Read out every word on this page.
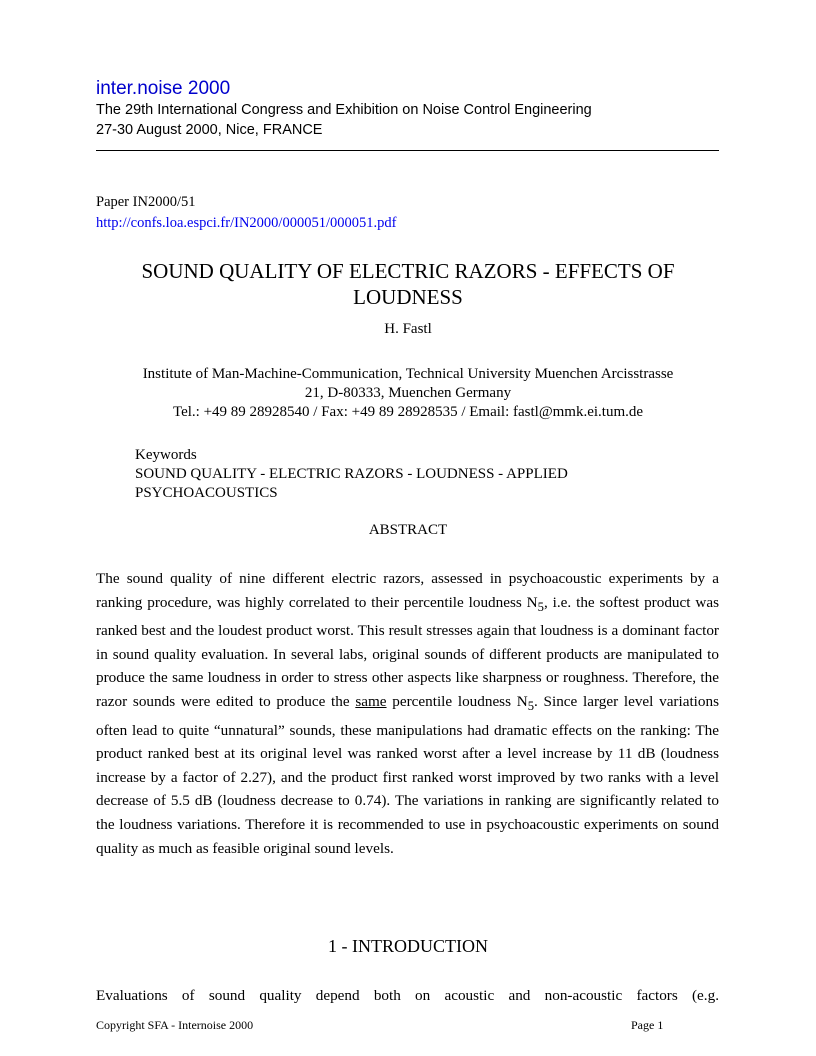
inter.noise 2000
The 29th International Congress and Exhibition on Noise Control Engineering
27-30 August 2000, Nice, FRANCE
Paper IN2000/51
http://confs.loa.espci.fr/IN2000/000051/000051.pdf
SOUND QUALITY OF ELECTRIC RAZORS - EFFECTS OF
LOUDNESS
H. Fastl
Institute of Man-Machine-Communication, Technical University Muenchen Arcisstrasse
21, D-80333, Muenchen Germany
Tel.: +49 89 28928540 / Fax: +49 89 28928535 / Email: fastl@mmk.ei.tum.de
Keywords
SOUND QUALITY - ELECTRIC RAZORS - LOUDNESS - APPLIED
PSYCHOACOUSTICS
ABSTRACT

The sound quality of nine different electric razors, assessed in psychoacoustic experiments by a ranking procedure, was highly correlated to their percentile loudness $N_5$, i.e. the softest product was ranked best and the loudest product worst. This result stresses again that loudness is a dominant factor in sound quality evaluation. In several labs, original sounds of different products are manipulated to produce the same loudness in order to stress other aspects like sharpness or roughness. Therefore, the razor sounds were edited to produce the same percentile loudness $N_5$. Since larger level variations often lead to quite “unnatural” sounds, these manipulations had dramatic effects on the ranking: The product ranked best at its original level was ranked worst after a level increase by 11 dB (loudness increase by a factor of 2.27), and the product first ranked worst improved by two ranks with a level decrease of 5.5 dB (loudness decrease to 0.74). The variations in ranking are significantly related to the loudness variations. Therefore it is recommended to use in psychoacoustic experiments on sound quality as much as feasible original sound levels.

1 - INTRODUCTION

Evaluations of sound quality depend both on acoustic and non-acoustic factors (e.g.

Copyright SFA - Internoise 2000	Page 1
